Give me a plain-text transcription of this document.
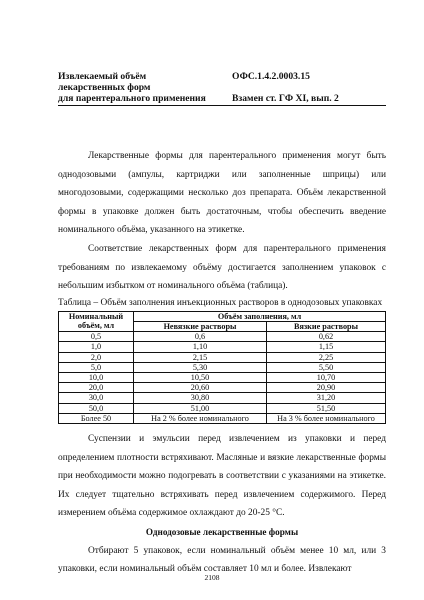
Извлекаемый объём	ОФС.1.4.2.0003.15
лекарственных форм
для парентерального применения	Взамен ст. ГФ XI, вып. 2

Лекарственные формы для парентерального применения могут быть однодозовыми (ампулы, картриджи или заполненные шприцы) или многодозовыми, содержащими несколько доз препарата. Объём лекарственной формы в упаковке должен быть достаточным, чтобы обеспечить введение номинального объёма, указанного на этикетке.

Соответствие лекарственных форм для парентерального применения требованиям по извлекаемому объёму достигается заполнением упаковок с небольшим избытком от номинального объёма (таблица).

Таблица – Объём заполнения инъекционных растворов в однодозовых упаковках
Номинальный объём, мл	Объём заполнения, мл	
	Невязкие растворы	Вязкие растворы
0,5	0,6	0,62
1,0	1,10	1,15
2,0	2,15	2,25
5,0	5,30	5,50
10,0	10,50	10,70
20,0	20,60	20,90
30,0	30,80	31,20
50,0	51,00	51,50
Более 50	На 2 % более номинального	На 3 % более номинального

Суспензии и эмульсии перед извлечением из упаковки и перед определением плотности встряхивают. Масляные и вязкие лекарственные формы при необходимости можно подогревать в соответствии с указаниями на этикетке. Их следует тщательно встряхивать перед извлечением содержимого. Перед измерением объёма содержимое охлаждают до 20-25 °С.

Однодозовые лекарственные формы

Отбирают 5 упаковок, если номинальный объём менее 10 мл, или 3 упаковки, если номинальный объём составляет 10 мл и более. Извлекают

2108
